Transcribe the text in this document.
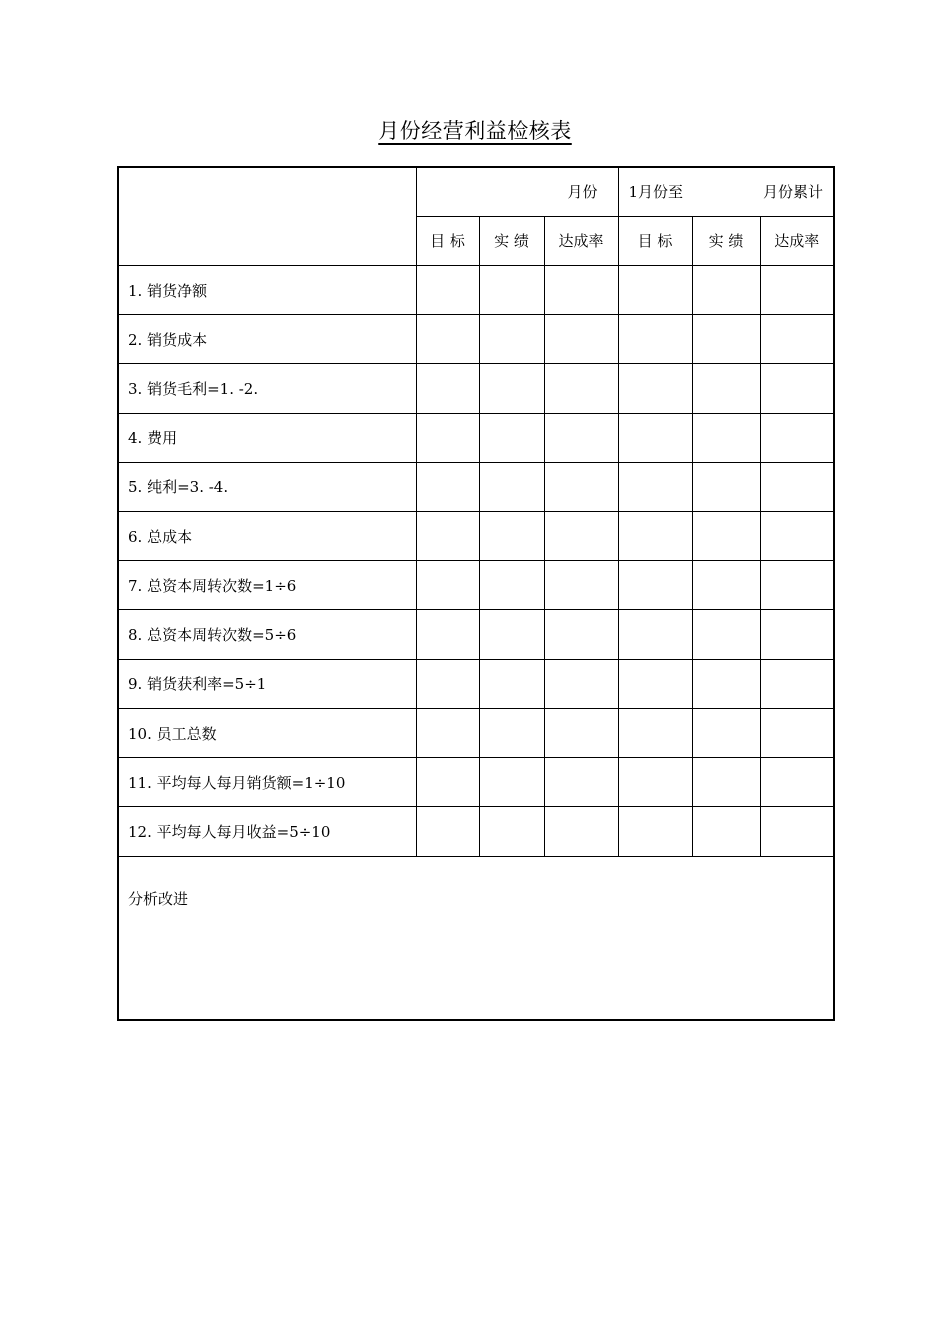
月份经营利益检核表
	月份			1月份至 月份累计		

	目 标	实 绩	达成率	目 标	实 绩	达成率
1. 销货净额						
2. 销货成本						
3. 销货毛利=1. -2.						
4. 费用						
5. 纯利=3. -4.						
6. 总成本						
7. 总资本周转次数=1÷6						
8. 总资本周转次数=5÷6						
9. 销货获利率=5÷1						
10. 员工总数						
11. 平均每人每月销货额=1÷10						
12. 平均每人每月收益=5÷10						
分析改进						
